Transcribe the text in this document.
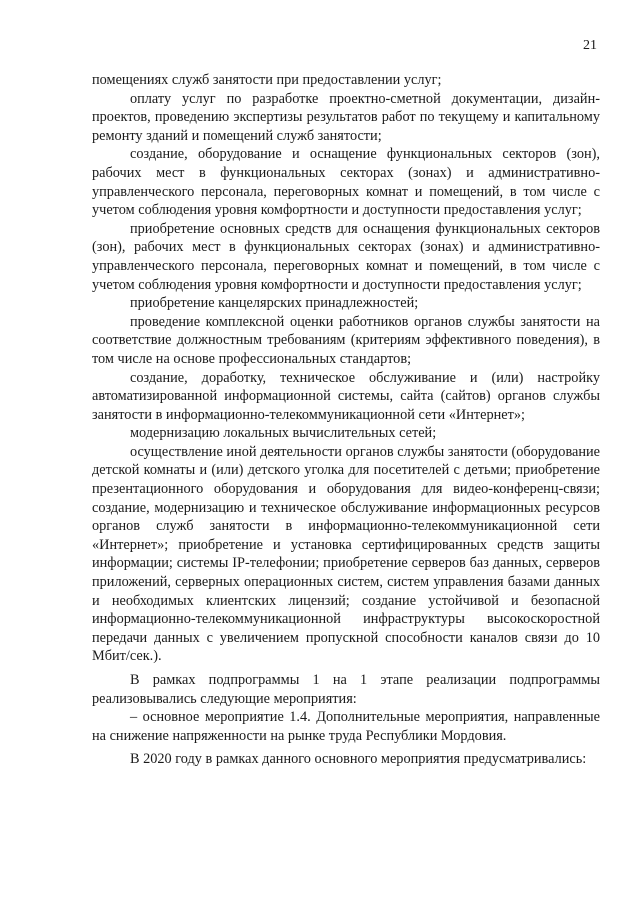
21

помещениях служб занятости при предоставлении услуг;

оплату услуг по разработке проектно-сметной документации, дизайн-проектов, проведению экспертизы результатов работ по текущему и капитальному ремонту зданий и помещений служб занятости;

создание, оборудование и оснащение функциональных секторов (зон), рабочих мест в функциональных секторах (зонах) и административно-управленческого персонала, переговорных комнат и помещений, в том числе с учетом соблюдения уровня комфортности и доступности предоставления услуг;

приобретение основных средств для оснащения функциональных секторов (зон), рабочих мест в функциональных секторах (зонах) и административно-управленческого персонала, переговорных комнат и помещений, в том числе с учетом соблюдения уровня комфортности и доступности предоставления услуг;

приобретение канцелярских принадлежностей;

проведение комплексной оценки работников органов службы занятости на соответствие должностным требованиям (критериям эффективного поведения), в том числе на основе профессиональных стандартов;

создание, доработку, техническое обслуживание и (или) настройку автоматизированной информационной системы, сайта (сайтов) органов службы занятости в информационно-телекоммуникационной сети «Интернет»;

модернизацию локальных вычислительных сетей;

осуществление иной деятельности органов службы занятости (оборудование детской комнаты и (или) детского уголка для посетителей с детьми; приобретение презентационного оборудования и оборудования для видео-конференц-связи; создание, модернизацию и техническое обслуживание информационных ресурсов органов служб занятости в информационно-телекоммуникационной сети «Интернет»; приобретение и установка сертифицированных средств защиты информации; системы IP-телефонии; приобретение серверов баз данных, серверов приложений, серверных операционных систем, систем управления базами данных и необходимых клиентских лицензий; создание устойчивой и безопасной информационно-телекоммуникационной инфраструктуры высокоскоростной передачи данных с увеличением пропускной способности каналов связи до 10 Мбит/сек.).

В рамках подпрограммы 1 на 1 этапе реализации подпрограммы реализовывались следующие мероприятия:

– основное мероприятие 1.4. Дополнительные мероприятия, направленные на снижение напряженности на рынке труда Республики Мордовия.

В 2020 году в рамках данного основного мероприятия предусматривались:
